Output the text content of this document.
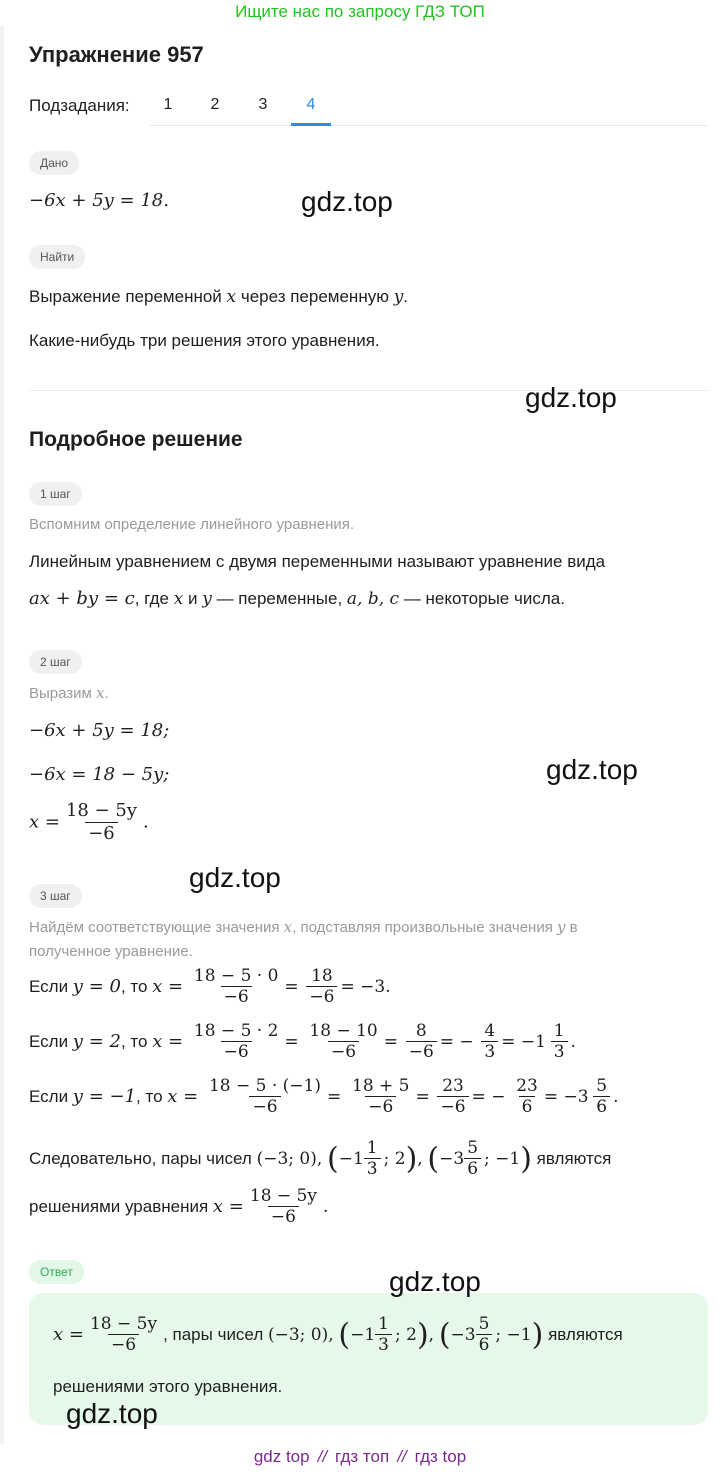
Ищите нас по запросу ГДЗ ТОП
Упражнение 957
Подзадания:	1	2	3	4
Дано
−6x + 5y = 18.
Найти
Выражение переменной x через переменную y.
Какие-нибудь три решения этого уравнения.
Подробное решение
1 шаг
Вспомним определение линейного уравнения.
Линейным уравнением с двумя переменными называют уравнение вида
ax + by = c, где x и y — переменные, a, b, c — некоторые числа.
2 шаг
Выразим x.
−6x + 5y = 18;
−6x = 18 − 5y;
$x = \frac{18 - 5y}{-6}$ .
3 шаг
Найдём соответствующие значения x, подставляя произвольные значения y в
полученное уравнение.
Если y = 0, то $x = \frac{18 - 5 \cdot 0}{-6} = \frac{18}{-6} = -3$.
Если y = 2, то $x = \frac{18 - 5 \cdot 2}{-6} = \frac{18 - 10}{-6} = \frac{8}{-6}$ = − $\frac{4}{3} = -1 \frac{1}{3}$ .
Если y = −1, то $x = \frac{18 - 5 \cdot (-1)}{-6} = \frac{18 + 5}{-6} = \frac{23}{-6}$ = − $\frac{23}{6} = -3 \frac{5}{6}$ .
Следовательно, пары чисел (−3; 0), ($-1 \frac{1}{3}$ ; 2), ($-3 \frac{5}{6}$ ; −1) являются
решениями уравнения $x = \frac{18 - 5y}{-6}$ .
Ответ
$x = \frac{18 - 5y}{-6}$ , пары чисел (−3; 0), ($-1 \frac{1}{3}$ ; 2), ($-3 \frac{5}{6}$ ; −1) являются
решениями этого уравнения.
gdz.top
gdz.top
gdz.top
gdz.top
gdz.top
gdz.top
gdz top // гдз топ // гдз top
